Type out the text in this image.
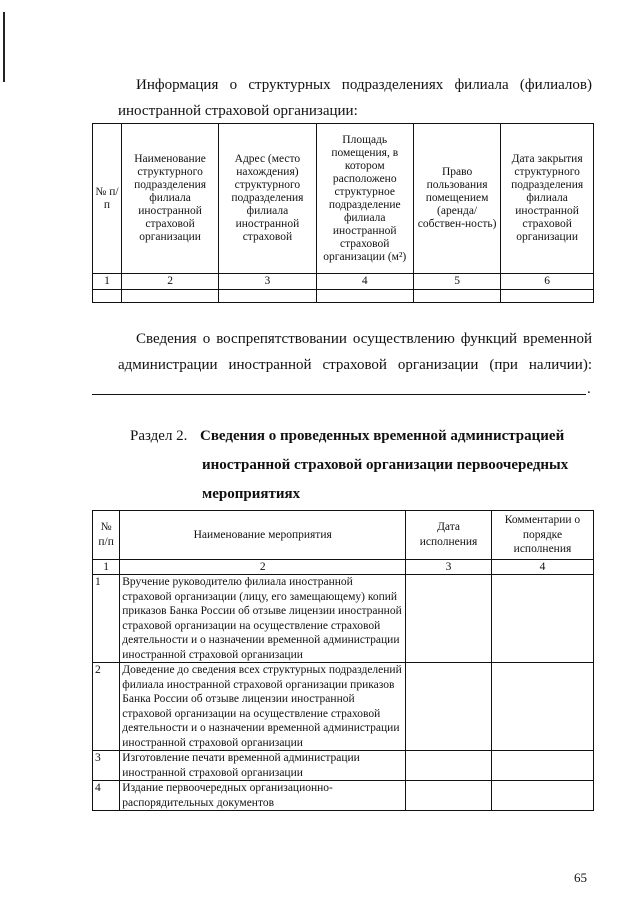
Информация о структурных подразделениях филиала (филиалов) иностранной страховой организации:

№ п/п	Наименование структурного подразделения филиала иностранной страховой организации	Адрес (место нахождения) структурного подразделения филиала иностранной страховой	Площадь помещения, в котором расположено структурное подразделение филиала иностранной страховой организации (м²)	Право пользования помещением (аренда/ собствен-ность)	Дата закрытия структурного подразделения филиала иностранной страховой организации
1	2	3	4	5	6

Сведения о воспрепятствовании осуществлению функций временной администрации иностранной страховой организации (при наличии):

.
Раздел 2. Сведения о проведенных временной администрацией
иностранной страховой организации первоочередных
мероприятиях
№ п/п	Наименование мероприятия	Дата исполнения	Комментарии о порядке исполнения
1	2	3	4
1	Вручение руководителю филиала иностранной страховой организации (лицу, его замещающему) копий приказов Банка России об отзыве лицензии иностранной страховой организации на осуществление страховой деятельности и о назначении временной администрации иностранной страховой организации		
2	Доведение до сведения всех структурных подразделений филиала иностранной страховой организации приказов Банка России об отзыве лицензии иностранной страховой организации на осуществление страховой деятельности и о назначении временной администрации иностранной страховой организации		
3	Изготовление печати временной администрации иностранной страховой организации		
4	Издание первоочередных организационно-распорядительных документов		
65
